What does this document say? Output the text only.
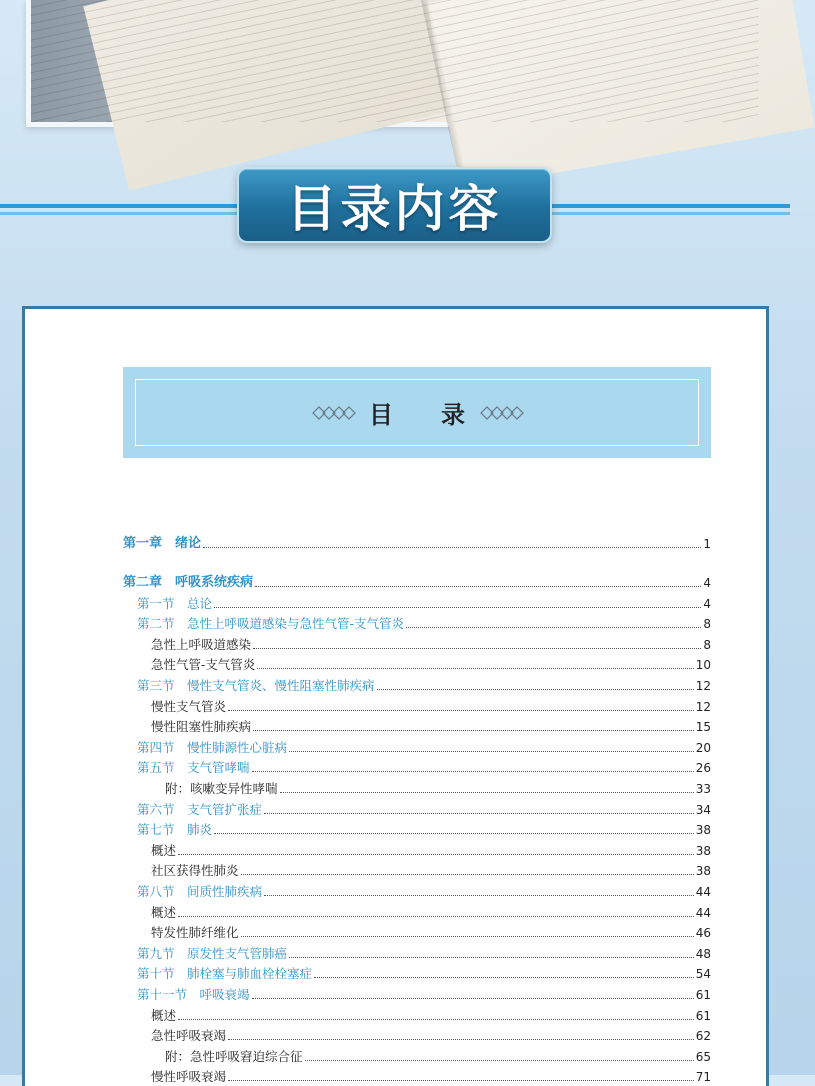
目录内容
目 录
第一章　绪论	1
第二章　呼吸系统疾病	4
第一节　总论	4
第二节　急性上呼吸道感染与急性气管-支气管炎	8
急性上呼吸道感染	8
急性气管-支气管炎	10
第三节　慢性支气管炎、慢性阻塞性肺疾病	12
慢性支气管炎	12
慢性阻塞性肺疾病	15
第四节　慢性肺源性心脏病	20
第五节　支气管哮喘	26
附：咳嗽变异性哮喘	33
第六节　支气管扩张症	34
第七节　肺炎	38
概述	38
社区获得性肺炎	38
第八节　间质性肺疾病	44
概述	44
特发性肺纤维化	46
第九节　原发性支气管肺癌	48
第十节　肺栓塞与肺血栓栓塞症	54
第十一节　呼吸衰竭	61
概述	61
急性呼吸衰竭	62
附：急性呼吸窘迫综合征	65
慢性呼吸衰竭	71
